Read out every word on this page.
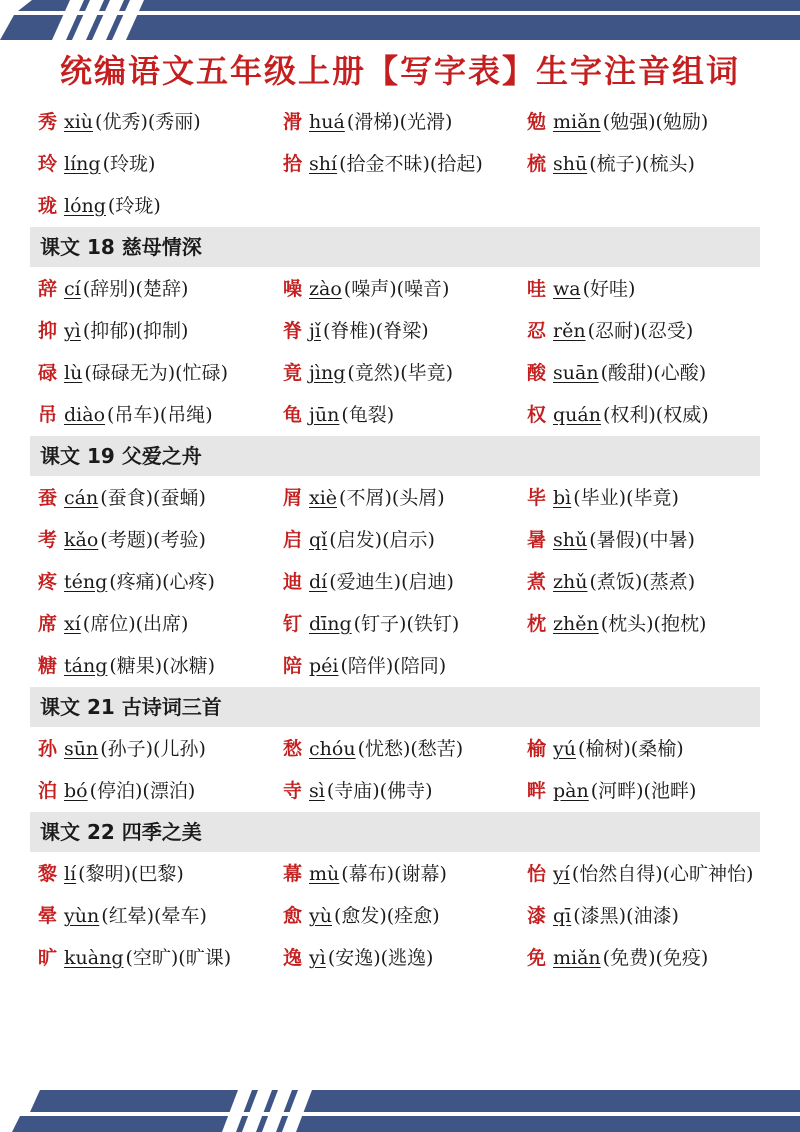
统编语文五年级上册【写字表】生字注音组词
秀 xiù (优秀)(秀丽)	滑 huá (滑梯)(光滑)	勉 miǎn (勉强)(勉励)
玲 líng (玲珑)	拾 shí (拾金不昧)(拾起)	梳 shū (梳子)(梳头)
珑 lóng (玲珑)
课文 18 慈母情深
辞 cí (辞别)(楚辞)	噪 zào (噪声)(噪音)	哇 wa (好哇)
抑 yì (抑郁)(抑制)	脊 jǐ (脊椎)(脊梁)	忍 rěn (忍耐)(忍受)
碌 lù (碌碌无为)(忙碌)	竟 jìng (竟然)(毕竟)	酸 suān (酸甜)(心酸)
吊 diào (吊车)(吊绳)	龟 jūn (龟裂)	权 quán (权利)(权威)
课文 19 父爱之舟
蚕 cán (蚕食)(蚕蛹)	屑 xiè (不屑)(头屑)	毕 bì (毕业)(毕竟)
考 kǎo (考题)(考验)	启 qǐ (启发)(启示)	暑 shǔ (暑假)(中暑)
疼 téng (疼痛)(心疼)	迪 dí (爱迪生)(启迪)	煮 zhǔ (煮饭)(蒸煮)
席 xí (席位)(出席)	钉 dīng (钉子)(铁钉)	枕 zhěn (枕头)(抱枕)
糖 táng (糖果)(冰糖)	陪 péi (陪伴)(陪同)
课文 21 古诗词三首
孙 sūn (孙子)(儿孙)	愁 chóu (忧愁)(愁苦)	榆 yú (榆树)(桑榆)
泊 bó (停泊)(漂泊)	寺 sì (寺庙)(佛寺)	畔 pàn (河畔)(池畔)
课文 22 四季之美
黎 lí (黎明)(巴黎)	幕 mù (幕布)(谢幕)	怡 yí (怡然自得)(心旷神怡)
晕 yùn (红晕)(晕车)	愈 yù (愈发)(痊愈)	漆 qī (漆黑)(油漆)
旷 kuàng (空旷)(旷课)	逸 yì (安逸)(逃逸)	免 miǎn (免费)(免疫)
